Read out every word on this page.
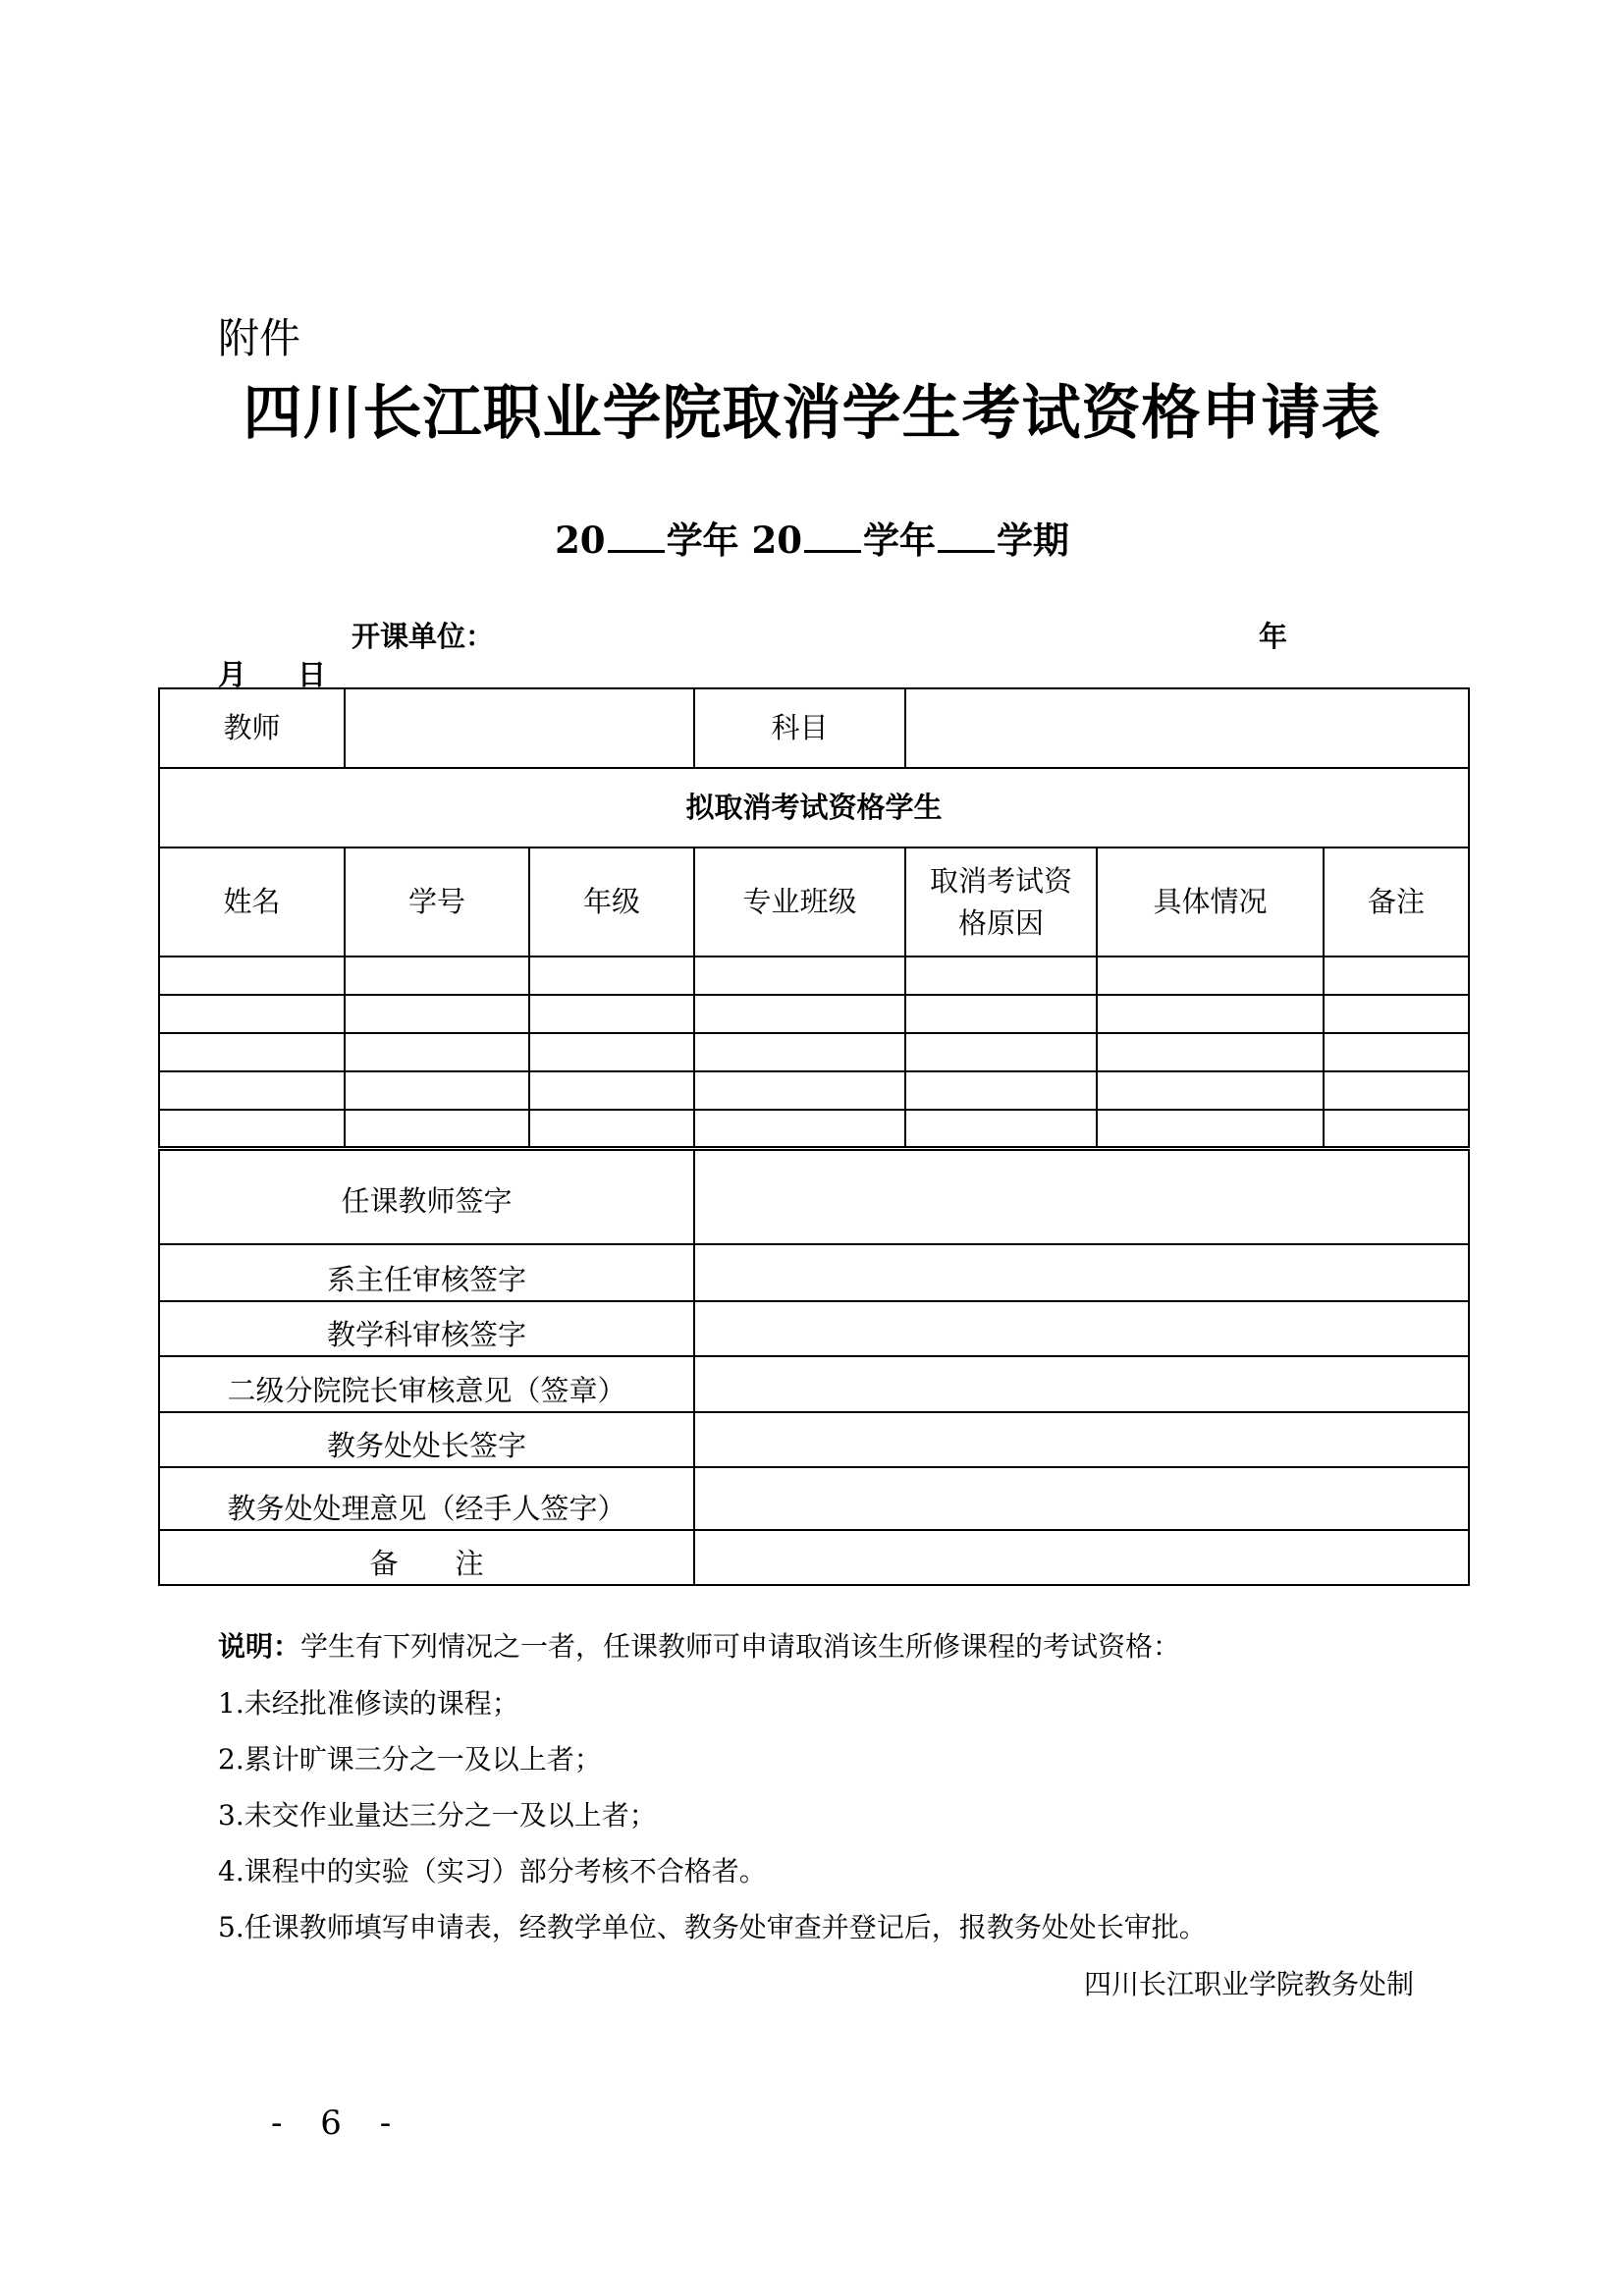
附件
四川长江职业学院取消学生考试资格申请表
20 学年 20 学年 学期
开课单位：	年
月 日
教师			科目			
拟取消考试资格学生						
姓名	学号	年级	专业班级	取消考试资格原因	具体情况	备注

任课教师签字						
系主任审核签字						
教学科审核签字						
二级分院院长审核意见（签章）						
教务处处长签字						
教务处处理意见（经手人签字）						
备　　注						
说明：学生有下列情况之一者，任课教师可申请取消该生所修课程的考试资格：
1.未经批准修读的课程；
2.累计旷课三分之一及以上者；
3.未交作业量达三分之一及以上者；
4.课程中的实验（实习）部分考核不合格者。
5.任课教师填写申请表，经教学单位、教务处审查并登记后，报教务处处长审批。
四川长江职业学院教务处制
- 6 -
